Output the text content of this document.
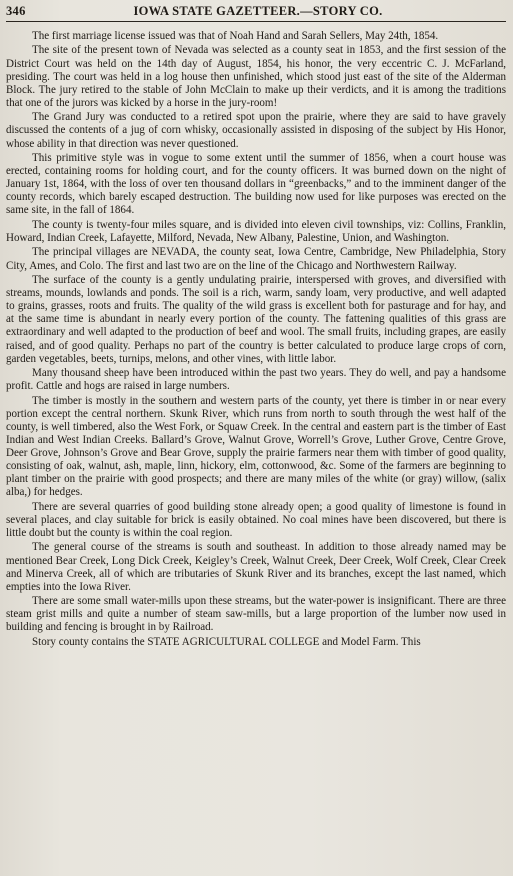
346	IOWA STATE GAZETTEER.—STORY CO.

The first marriage license issued was that of Noah Hand and Sarah Sellers, May 24th, 1854.

The site of the present town of Nevada was selected as a county seat in 1853, and the first session of the District Court was held on the 14th day of August, 1854, his honor, the very eccentric C. J. McFarland, presiding. The court was held in a log house then unfinished, which stood just east of the site of the Alderman Block. The jury retired to the stable of John McClain to make up their verdicts, and it is among the traditions that one of the jurors was kicked by a horse in the jury-room!

The Grand Jury was conducted to a retired spot upon the prairie, where they are said to have gravely discussed the contents of a jug of corn whisky, occasionally assisted in disposing of the subject by His Honor, whose ability in that direction was never questioned.

This primitive style was in vogue to some extent until the summer of 1856, when a court house was erected, containing rooms for holding court, and for the county officers. It was burned down on the night of January 1st, 1864, with the loss of over ten thousand dollars in “greenbacks,” and to the imminent danger of the county records, which barely escaped destruction. The building now used for like purposes was erected on the same site, in the fall of 1864.

The county is twenty-four miles square, and is divided into eleven civil townships, viz: Collins, Franklin, Howard, Indian Creek, Lafayette, Milford, Nevada, New Albany, Palestine, Union, and Washington.

The principal villages are NEVADA, the county seat, Iowa Centre, Cambridge, New Philadelphia, Story City, Ames, and Colo. The first and last two are on the line of the Chicago and Northwestern Railway.

The surface of the county is a gently undulating prairie, interspersed with groves, and diversified with streams, mounds, lowlands and ponds. The soil is a rich, warm, sandy loam, very productive, and well adapted to grains, grasses, roots and fruits. The quality of the wild grass is excellent both for pasturage and for hay, and at the same time is abundant in nearly every portion of the county. The fattening qualities of this grass are extraordinary and well adapted to the production of beef and wool. The small fruits, including grapes, are easily raised, and of good quality. Perhaps no part of the country is better calculated to produce large crops of corn, garden vegetables, beets, turnips, melons, and other vines, with little labor.

Many thousand sheep have been introduced within the past two years. They do well, and pay a handsome profit. Cattle and hogs are raised in large numbers.

The timber is mostly in the southern and western parts of the county, yet there is timber in or near every portion except the central northern. Skunk River, which runs from north to south through the west half of the county, is well timbered, also the West Fork, or Squaw Creek. In the central and eastern part is the timber of East Indian and West Indian Creeks. Ballard’s Grove, Walnut Grove, Worrell’s Grove, Luther Grove, Centre Grove, Deer Grove, Johnson’s Grove and Bear Grove, supply the prairie farmers near them with timber of good quality, consisting of oak, walnut, ash, maple, linn, hickory, elm, cottonwood, &c. Some of the farmers are beginning to plant timber on the prairie with good prospects; and there are many miles of the white (or gray) willow, (salix alba,) for hedges.

There are several quarries of good building stone already open; a good quality of limestone is found in several places, and clay suitable for brick is easily obtained. No coal mines have been discovered, but there is little doubt but the county is within the coal region.

The general course of the streams is south and southeast. In addition to those already named may be mentioned Bear Creek, Long Dick Creek, Keigley’s Creek, Walnut Creek, Deer Creek, Wolf Creek, Clear Creek and Minerva Creek, all of which are tributaries of Skunk River and its branches, except the last named, which empties into the Iowa River.

There are some small water-mills upon these streams, but the water-power is insignificant. There are three steam grist mills and quite a number of steam saw-mills, but a large proportion of the lumber now used in building and fencing is brought in by Railroad.

Story county contains the STATE AGRICULTURAL COLLEGE and Model Farm. This
